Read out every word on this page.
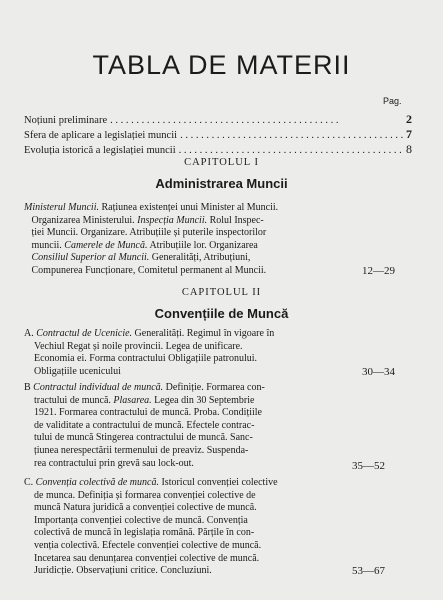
TABLA DE MATERII
Pag.
Noțiuni preliminare . . .	2
Sfera de aplicare a legislației muncii . . .	7
Evoluția istorică a legislației muncii . . .	8
CAPITOLUL I
Administrarea Muncii
Ministerul Muncii. Rațiunea existenței unui Minister al Muncii.
Organizarea Ministerului. Inspecția Muncii. Rolul Inspec-
ției Muncii. Organizare. Atribuțiile și puterile inspectorilor
muncii. Camerele de Muncă. Atribuțiile lor. Organizarea
Consiliul Superior al Muncii. Generalități, Atribuțiuni,
Compunerea Funcționare, Comitetul permanent al Muncii.	12—29
CAPITOLUL II
Convențiile de Muncă
A. Contractul de Ucenicie. Generalități. Regimul în vigoare în
Vechiul Regat și noile provincii. Legea de unificare.
Economia ei. Forma contractului Obligațiile patronului.
Obligațiile ucenicului	30—34
B Contractul individual de muncă. Definiție. Formarea con-
tractului de muncă. Plasarea. Legea din 30 Septembrie
1921. Formarea contractului de muncă. Proba. Condițiile
de validitate a contractului de muncă. Efectele contrac-
tului de muncă Stingerea contractului de muncă. Sanc-
țiunea nerespectării termenului de preaviz. Suspenda-
rea contractului prin grevă sau lock-out.	35—52
C. Convenția colectivă de muncă. Istoricul convenției colective
de munca. Definiția și formarea convenției colective de
muncă Natura juridică a convenției colective de muncă.
Importanța convenției colective de muncă. Convenția
colectivă de muncă în legislația română. Părțile în con-
venția colectivă. Efectele convenției colective de muncă.
Incetarea sau denunțarea convenției colective de muncă.
Juridicție. Observațiuni critice. Concluziuni.	53—67
